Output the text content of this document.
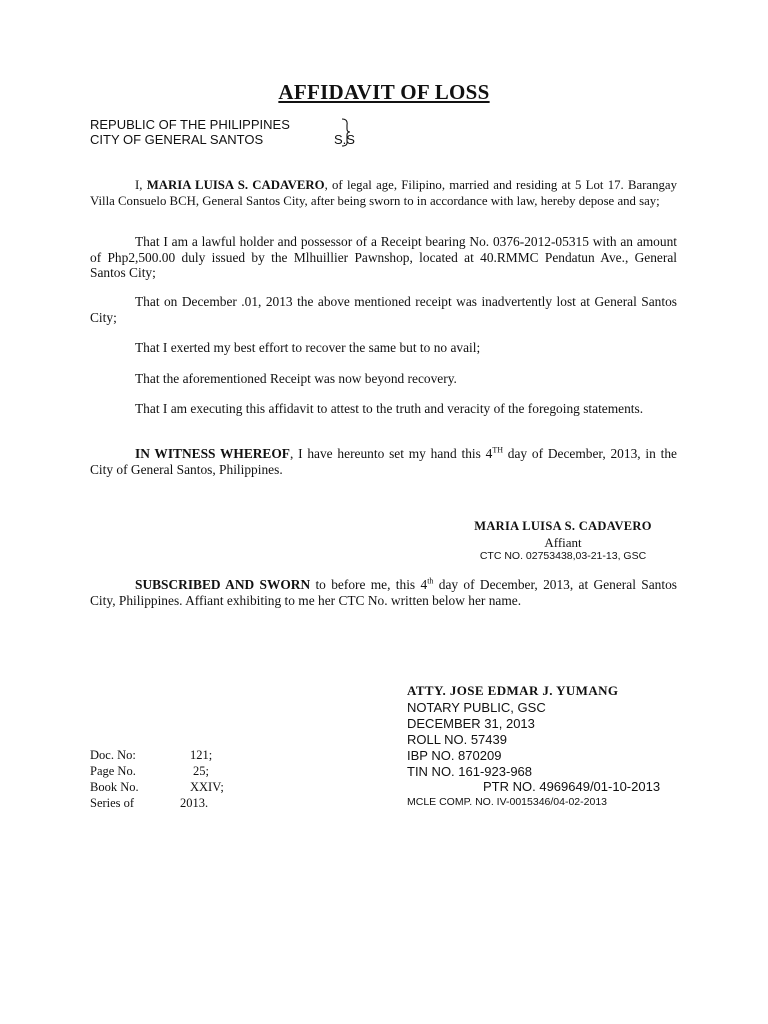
AFFIDAVIT OF LOSS
REPUBLIC OF THE PHILIPPINES
CITY OF GENERAL SANTOS	S.S

I, MARIA LUISA S. CADAVERO, of legal age, Filipino, married and residing at 5 Lot 17. Barangay Villa Consuelo BCH, General Santos City, after being sworn to in accordance with law, hereby depose and say;

That I am a lawful holder and possessor of a Receipt bearing No. 0376-2012-05315 with an amount of Php2,500.00 duly issued by the Mlhuillier Pawnshop, located at 40.RMMC Pendatun Ave., General Santos City;

That on December .01, 2013 the above mentioned receipt was inadvertently lost at General Santos City;

That I exerted my best effort to recover the same but to no avail;

That the aforementioned Receipt was now beyond recovery.

That I am executing this affidavit to attest to the truth and veracity of the foregoing statements.

IN WITNESS WHEREOF, I have hereunto set my hand this 4TH day of December, 2013, in the City of General Santos, Philippines.

MARIA LUISA S. CADAVERO
Affiant
CTC NO. 02753438,03-21-13, GSC

SUBSCRIBED AND SWORN to before me, this 4th day of December, 2013, at General Santos City, Philippines. Affiant exhibiting to me her CTC No. written below her name.

ATTY. JOSE EDMAR J. YUMANG
NOTARY PUBLIC, GSC
DECEMBER 31, 2013
ROLL NO. 57439
IBP NO. 870209
TIN NO. 161-923-968
PTR NO. 4969649/01-10-2013
MCLE COMP. NO. IV-0015346/04-02-2013
Doc. No:	121;
Page No.	25;
Book No.	XXIV;
Series of	2013.
